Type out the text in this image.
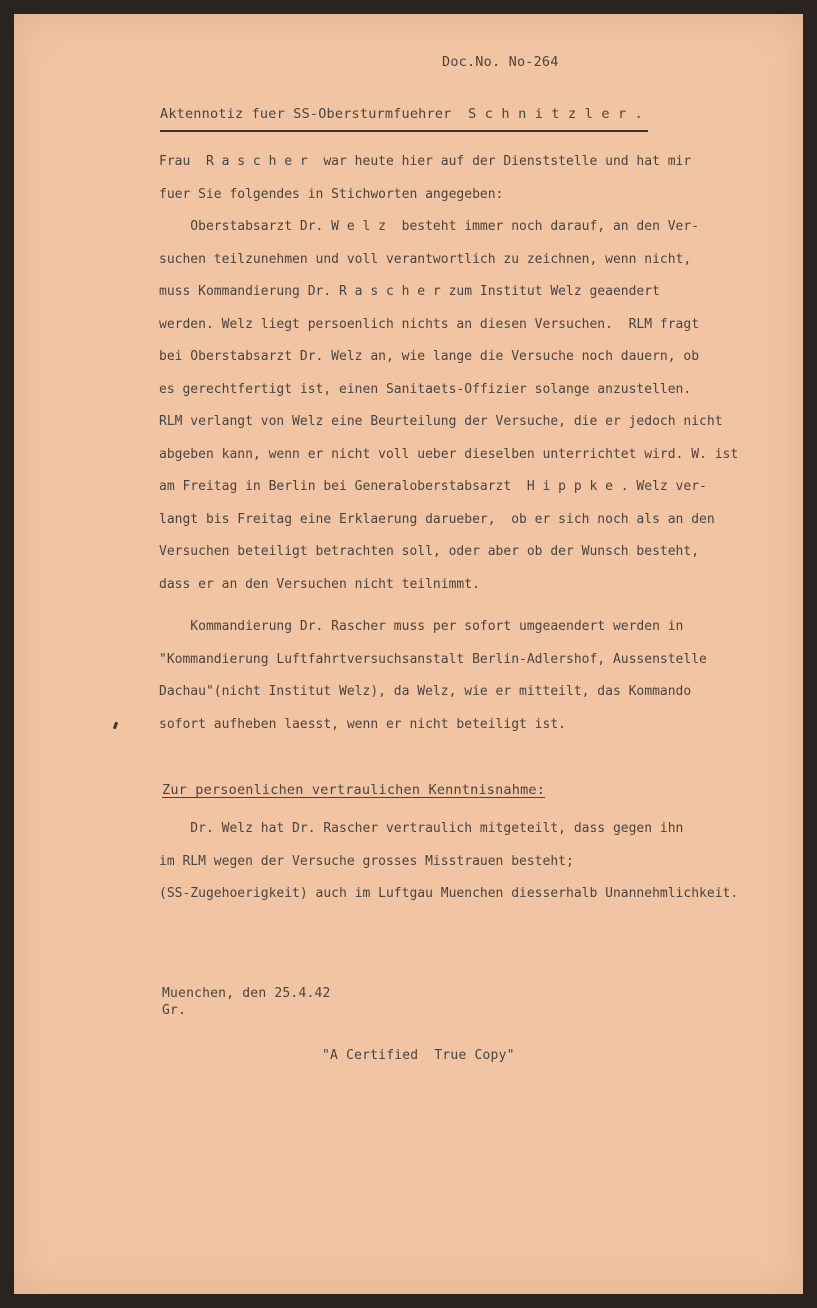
Doc.No. No-264
Aktennotiz fuer SS-Obersturmfuehrer  S c h n i t z l e r .
Frau  R a s c h e r  war heute hier auf der Dienststelle und hat mir
fuer Sie folgendes in Stichworten angegeben:
Oberstabsarzt Dr. W e l z  besteht immer noch darauf, an den Ver-
suchen teilzunehmen und voll verantwortlich zu zeichnen, wenn nicht,
muss Kommandierung Dr. R a s c h e r zum Institut Welz geaendert
werden. Welz liegt persoenlich nichts an diesen Versuchen.  RLM fragt
bei Oberstabsarzt Dr. Welz an, wie lange die Versuche noch dauern, ob
es gerechtfertigt ist, einen Sanitaets-Offizier solange anzustellen.
RLM verlangt von Welz eine Beurteilung der Versuche, die er jedoch nicht
abgeben kann, wenn er nicht voll ueber dieselben unterrichtet wird. W. ist
am Freitag in Berlin bei Generaloberstabsarzt  H i p p k e . Welz ver-
langt bis Freitag eine Erklaerung darueber,  ob er sich noch als an den
Versuchen beteiligt betrachten soll, oder aber ob der Wunsch besteht,
dass er an den Versuchen nicht teilnimmt.
Kommandierung Dr. Rascher muss per sofort umgeaendert werden in
"Kommandierung Luftfahrtversuchsanstalt Berlin-Adlershof, Aussenstelle
Dachau"(nicht Institut Welz), da Welz, wie er mitteilt, das Kommando
sofort aufheben laesst, wenn er nicht beteiligt ist.
Zur persoenlichen vertraulichen Kenntnisnahme:
Dr. Welz hat Dr. Rascher vertraulich mitgeteilt, dass gegen ihn
im RLM wegen der Versuche grosses Misstrauen besteht;
(SS-Zugehoerigkeit) auch im Luftgau Muenchen diesserhalb Unannehmlichkeit.
Muenchen, den 25.4.42
Gr.
"A Certified  True Copy"
